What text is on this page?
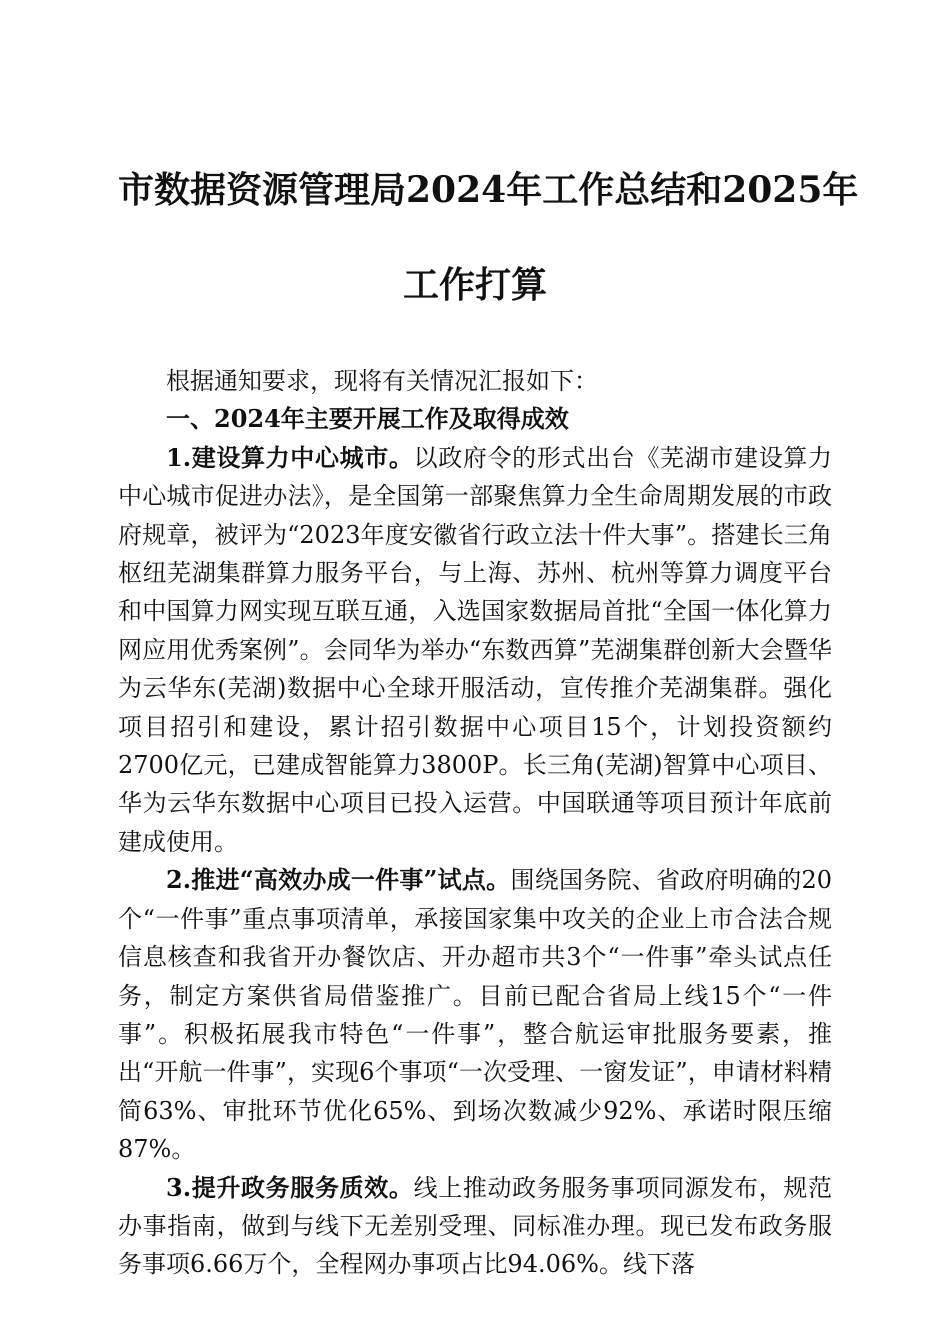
市数据资源管理局2024年工作总结和2025年
工作打算

根据通知要求，现将有关情况汇报如下：

一、2024年主要开展工作及取得成效

1.建设算力中心城市。以政府令的形式出台《芜湖市建设算力中心城市促进办法》，是全国第一部聚焦算力全生命周期发展的市政府规章，被评为“2023年度安徽省行政立法十件大事”。搭建长三角枢纽芜湖集群算力服务平台，与上海、苏州、杭州等算力调度平台和中国算力网实现互联互通，入选国家数据局首批“全国一体化算力网应用优秀案例”。会同华为举办“东数西算”芜湖集群创新大会暨华为云华东(芜湖)数据中心全球开服活动，宣传推介芜湖集群。强化项目招引和建设，累计招引数据中心项目15个，计划投资额约2700亿元，已建成智能算力3800P。长三角(芜湖)智算中心项目、华为云华东数据中心项目已投入运营。中国联通等项目预计年底前建成使用。

2.推进“高效办成一件事”试点。围绕国务院、省政府明确的20个“一件事”重点事项清单，承接国家集中攻关的企业上市合法合规信息核查和我省开办餐饮店、开办超市共3个“一件事”牵头试点任务，制定方案供省局借鉴推广。目前已配合省局上线15个“一件事”。积极拓展我市特色“一件事”，整合航运审批服务要素，推出“开航一件事”，实现6个事项“一次受理、一窗发证”，申请材料精简63%、审批环节优化65%、到场次数减少92%、承诺时限压缩87%。

3.提升政务服务质效。线上推动政务服务事项同源发布，规范办事指南，做到与线下无差别受理、同标准办理。现已发布政务服务事项6.66万个，全程网办事项占比94.06%。线下落
